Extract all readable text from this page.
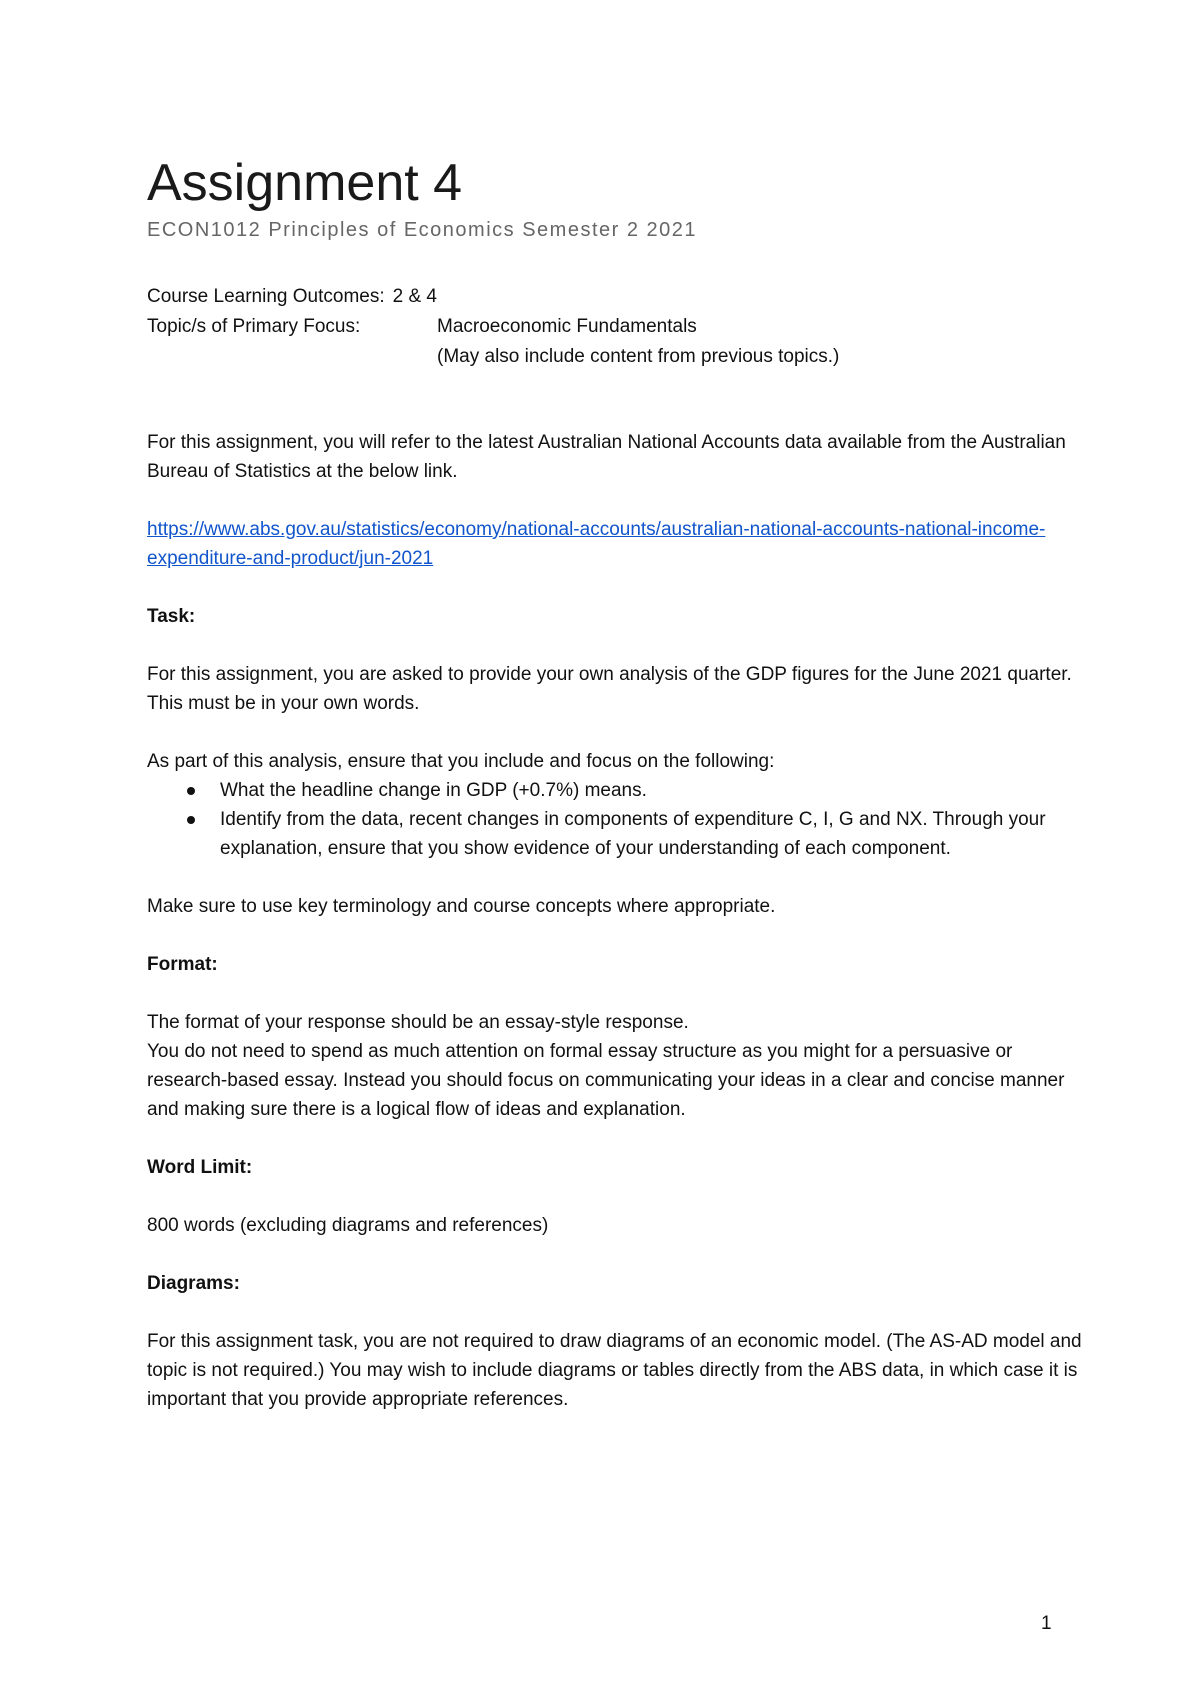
Assignment 4
ECON1012 Principles of Economics Semester 2 2021
Course Learning Outcomes: 2 & 4
Topic/s of Primary Focus:	Macroeconomic Fundamentals
(May also include content from previous topics.)

For this assignment, you will refer to the latest Australian National Accounts data available from the Australian Bureau of Statistics at the below link.

https://www.abs.gov.au/statistics/economy/national-accounts/australian-national-accounts-national-income-expenditure-and-product/jun-2021

Task:

For this assignment, you are asked to provide your own analysis of the GDP figures for the June 2021 quarter. This must be in your own words.

As part of this analysis, ensure that you include and focus on the following:

What the headline change in GDP (+0.7%) means.
Identify from the data, recent changes in components of expenditure C, I, G and NX. Through your explanation, ensure that you show evidence of your understanding of each component.

Make sure to use key terminology and course concepts where appropriate.

Format:

The format of your response should be an essay-style response.

You do not need to spend as much attention on formal essay structure as you might for a persuasive or research-based essay. Instead you should focus on communicating your ideas in a clear and concise manner and making sure there is a logical flow of ideas and explanation.

Word Limit:

800 words (excluding diagrams and references)

Diagrams:

For this assignment task, you are not required to draw diagrams of an economic model. (The AS-AD model and topic is not required.) You may wish to include diagrams or tables directly from the ABS data, in which case it is important that you provide appropriate references.

1
